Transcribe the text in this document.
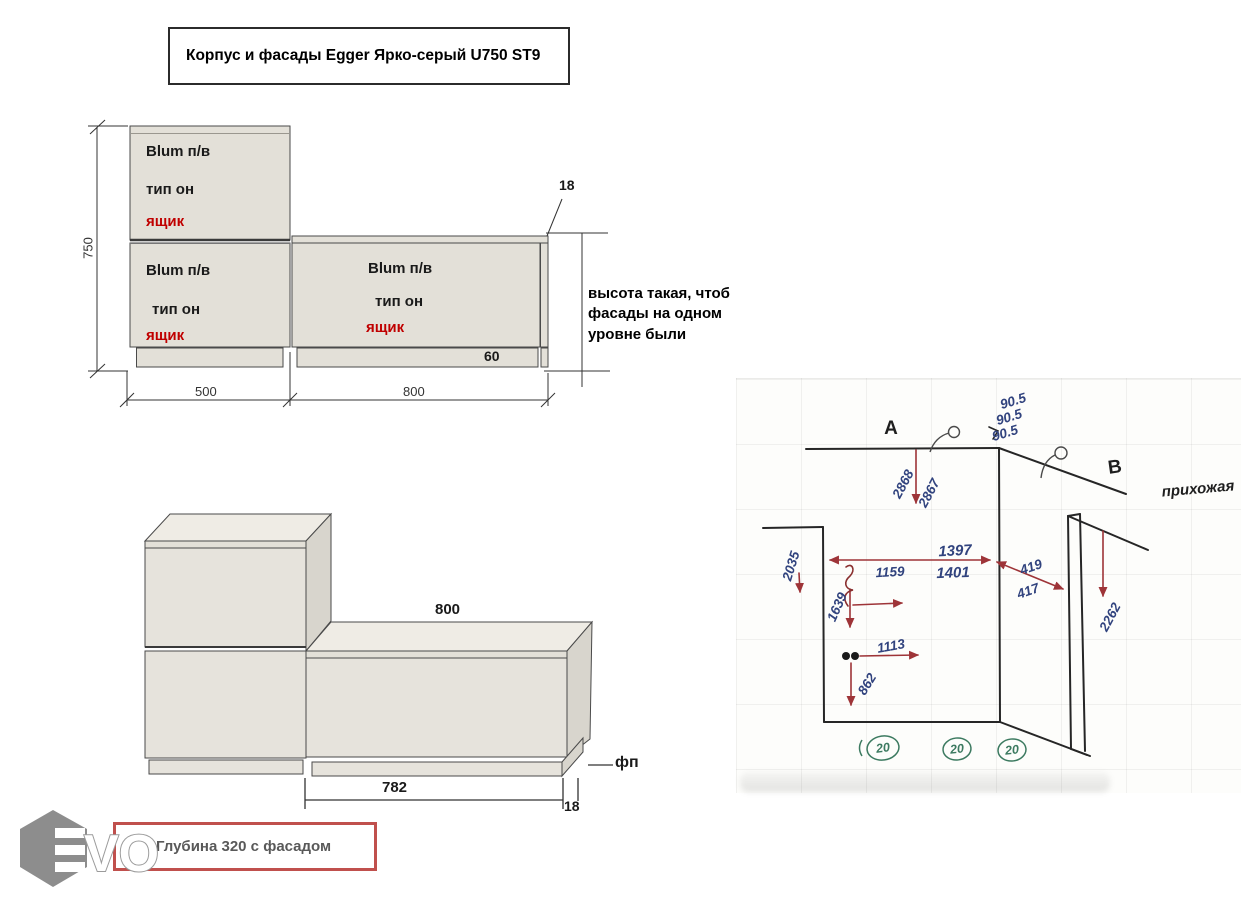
Корпус и фасады Egger Ярко-серый U750 ST9
Blum п/в
тип он
ящик
Blum п/в
тип он
ящик
Blum п/в
тип он
ящик
60
18
750
500	800
высота такая, чтоб фасады на одном уровне были
800
782
18
фп
A
B
прихожая
90.5
90.5
90.5
2868
2867
2035	1397
1401
1159
1639
1113
862
419
417
2262
20	20	20
Глубина 320 с фасадом
VO
